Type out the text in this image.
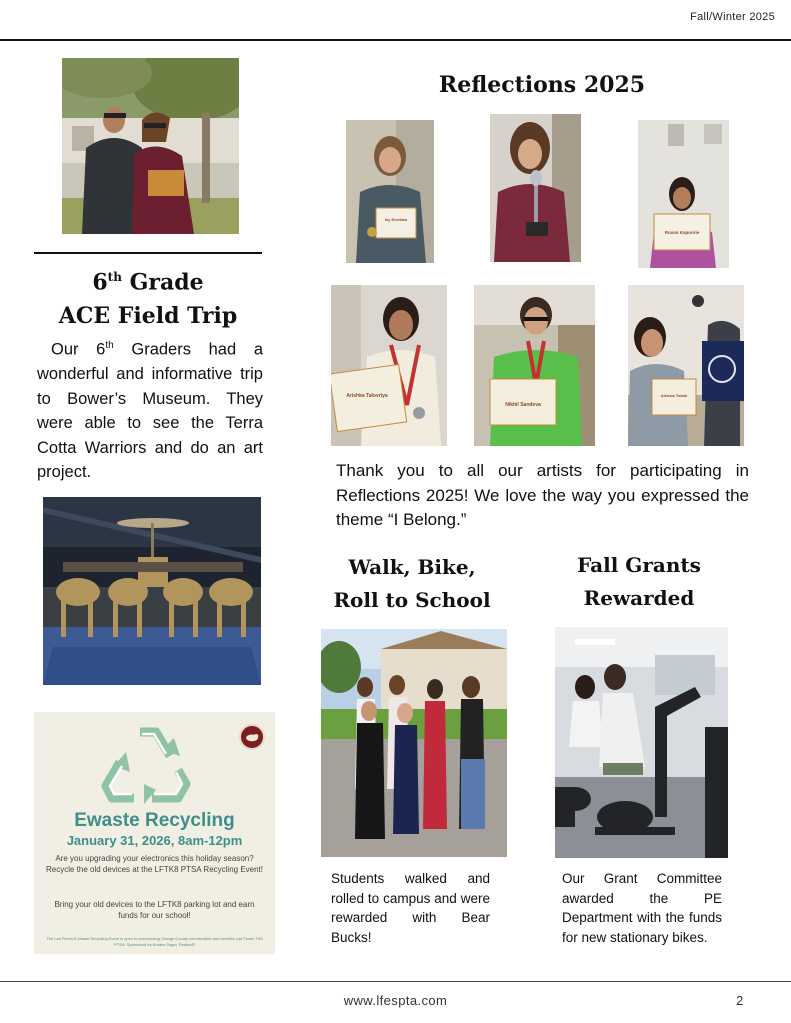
Fall/Winter 2025
6th Grade
ACE Field Trip
Our 6th Graders had a wonderful and informative trip to Bower’s Museum. They were able to see the Terra Cotta Warriors and do an art project.
Ewaste Recycling
January 31, 2026, 8am-12pm
Are you upgrading your electronics this holiday season? Recycle the old devices at the LFTK8 PTSA Recycling Event!
Bring your old devices to the LFTK8 parking lot and earn funds for our school!
The Las Flores E-Waste Recycling Event is open to surrounding Orange County communities and benefits Las Flores TK8 PTSA. Sponsored by Kristen Sager, Realtor®
Reflections 2025
Ivy Everitao
Ruvan Kapoorie
Arishka Talovriya
Nikhil Sandeva
Alessia Tolani
Thank you to all our artists for participating in Reflections 2025! We love the way you expressed the theme “I Belong.”
Walk, Bike,
Roll to School
Students walked and rolled to campus and were rewarded with Bear Bucks!
Fall Grants
Rewarded
Our Grant Committee awarded the PE Department with the funds for new stationary bikes.
www.lfespta.com	2
